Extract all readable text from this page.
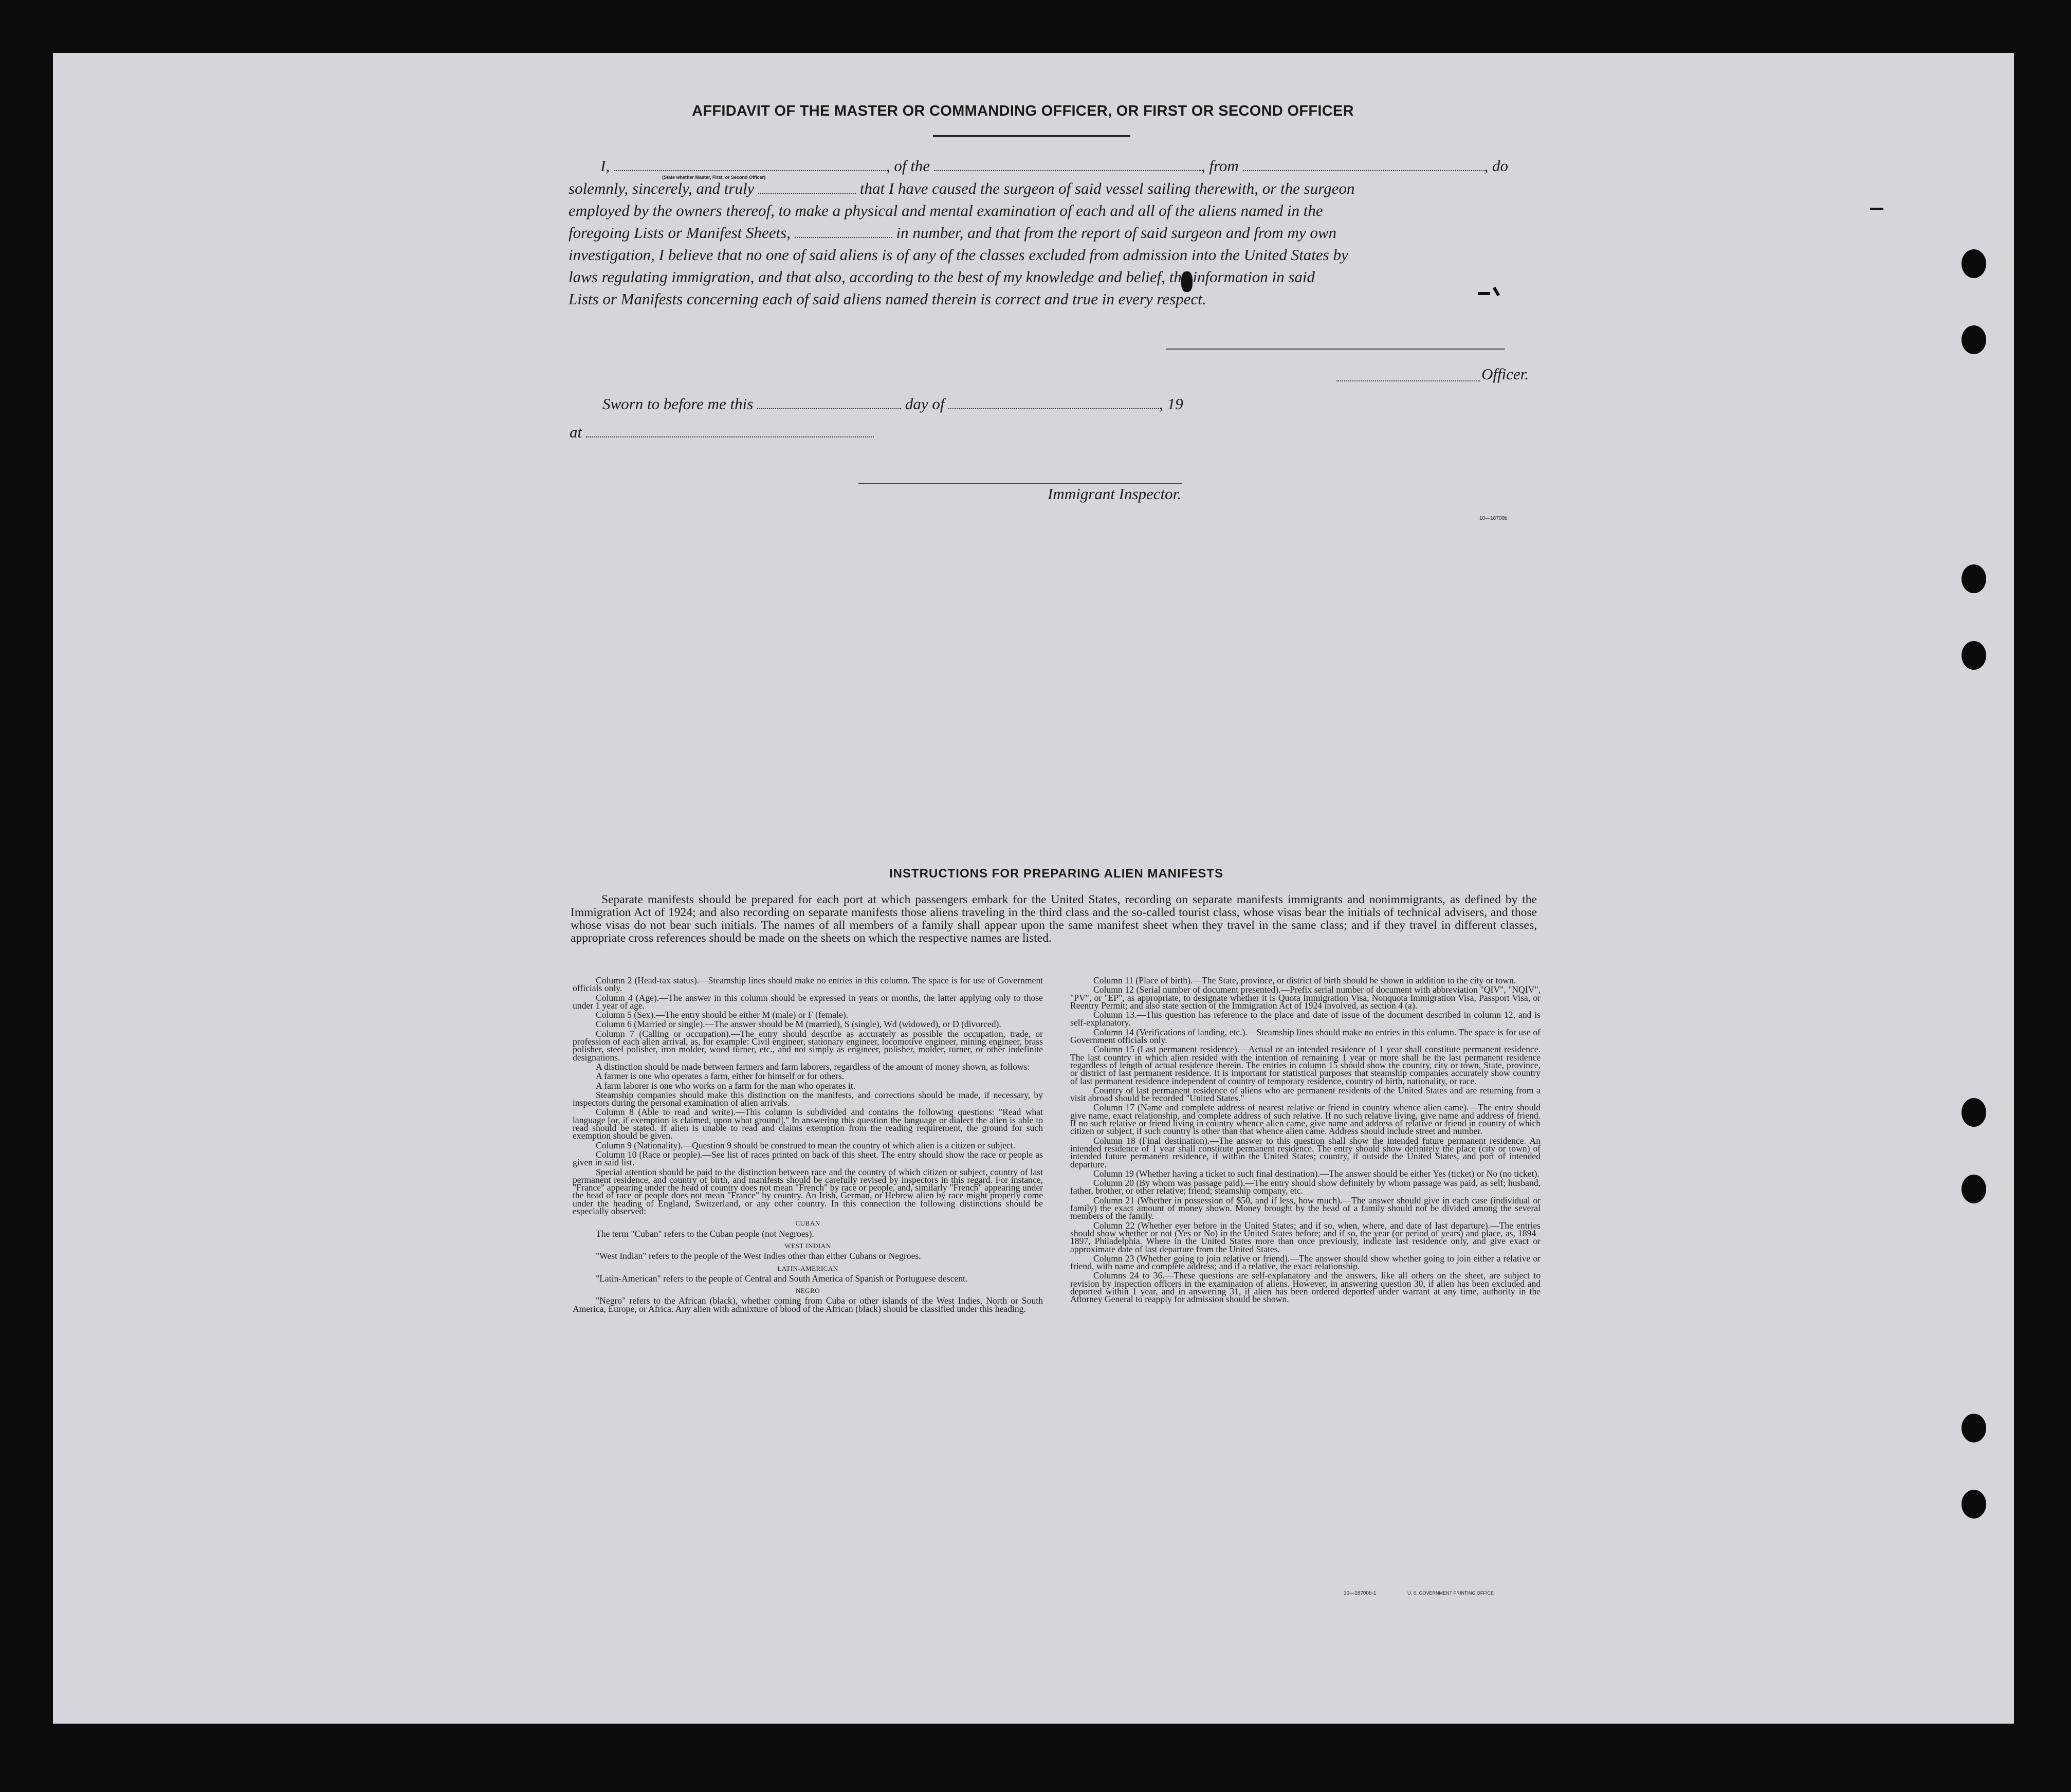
AFFIDAVIT OF THE MASTER OR COMMANDING OFFICER, OR FIRST OR SECOND OFFICER
I,	, of the	, from	, do
(State whether Master, First, or Second Officer)
solemnly, sincerely, and truly	that I have caused the surgeon of said vessel sailing therewith, or the surgeon
employed by the owners thereof, to make a physical and mental examination of each and all of the aliens named in the
foregoing Lists or Manifest Sheets,	in number, and that from the report of said surgeon and from my own
investigation, I believe that no one of said aliens is of any of the classes excluded from admission into the United States by
laws regulating immigration, and that also, according to the best of my knowledge and belief, the information in said
Lists or Manifests concerning each of said aliens named therein is correct and true in every respect.
Officer.
Sworn to before me this	day of	, 19
at
Immigrant Inspector.
10—18700b
INSTRUCTIONS FOR PREPARING ALIEN MANIFESTS
Separate manifests should be prepared for each port at which passengers embark for the United States, recording on separate manifests immigrants and nonimmigrants, as defined by the Immigration Act of 1924; and also recording on separate manifests those aliens traveling in the third class and the so-called tourist class, whose visas bear the initials of technical advisers, and those whose visas do not bear such initials. The names of all members of a family shall appear upon the same manifest sheet when they travel in the same class; and if they travel in different classes, appropriate cross references should be made on the sheets on which the respective names are listed.

Column 2 (Head-tax status).—Steamship lines should make no entries in this column. The space is for use of Government officials only.

Column 4 (Age).—The answer in this column should be expressed in years or months, the latter applying only to those under 1 year of age.

Column 5 (Sex).—The entry should be either M (male) or F (female).

Column 6 (Married or single).—The answer should be M (married), S (single), Wd (widowed), or D (divorced).

Column 7 (Calling or occupation).—The entry should describe as accurately as possible the occupation, trade, or profession of each alien arrival, as, for example: Civil engineer, stationary engineer, locomotive engineer, mining engineer, brass polisher, steel polisher, iron molder, wood turner, etc., and not simply as engineer, polisher, molder, turner, or other indefinite designations.

A distinction should be made between farmers and farm laborers, regardless of the amount of money shown, as follows:

A farmer is one who operates a farm, either for himself or for others.

A farm laborer is one who works on a farm for the man who operates it.

Steamship companies should make this distinction on the manifests, and corrections should be made, if necessary, by inspectors during the personal examination of alien arrivals.

Column 8 (Able to read and write).—This column is subdivided and contains the following questions: "Read what language [or, if exemption is claimed, upon what ground]." In answering this question the language or dialect the alien is able to read should be stated. If alien is unable to read and claims exemption from the reading requirement, the ground for such exemption should be given.

Column 9 (Nationality).—Question 9 should be construed to mean the country of which alien is a citizen or subject.

Column 10 (Race or people).—See list of races printed on back of this sheet. The entry should show the race or people as given in said list.

Special attention should be paid to the distinction between race and the country of which citizen or subject, country of last permanent residence, and country of birth, and manifests should be carefully revised by inspectors in this regard. For instance, "France" appearing under the head of country does not mean "French" by race or people, and, similarly "French" appearing under the head of race or people does not mean "France" by country. An Irish, German, or Hebrew alien by race might properly come under the heading of England, Switzerland, or any other country. In this connection the following distinctions should be especially observed:

CUBAN

The term "Cuban" refers to the Cuban people (not Negroes).

WEST INDIAN

"West Indian" refers to the people of the West Indies other than either Cubans or Negroes.

LATIN-AMERICAN

"Latin-American" refers to the people of Central and South America of Spanish or Portuguese descent.

NEGRO

"Negro" refers to the African (black), whether coming from Cuba or other islands of the West Indies, North or South America, Europe, or Africa. Any alien with admixture of blood of the African (black) should be classified under this heading.

Column 11 (Place of birth).—The State, province, or district of birth should be shown in addition to the city or town.

Column 12 (Serial number of document presented).—Prefix serial number of document with abbreviation "QIV", "NQIV", "PV", or "EP", as appropriate, to designate whether it is Quota Immigration Visa, Nonquota Immigration Visa, Passport Visa, or Reentry Permit; and also state section of the Immigration Act of 1924 involved, as section 4 (a).

Column 13.—This question has reference to the place and date of issue of the document described in column 12, and is self-explanatory.

Column 14 (Verifications of landing, etc.).—Steamship lines should make no entries in this column. The space is for use of Government officials only.

Column 15 (Last permanent residence).—Actual or an intended residence of 1 year shall constitute permanent residence. The last country in which alien resided with the intention of remaining 1 year or more shall be the last permanent residence regardless of length of actual residence therein. The entries in column 15 should show the country, city or town, State, province, or district of last permanent residence. It is important for statistical purposes that steamship companies accurately show country of last permanent residence independent of country of temporary residence, country of birth, nationality, or race.

Country of last permanent residence of aliens who are permanent residents of the United States and are returning from a visit abroad should be recorded "United States."

Column 17 (Name and complete address of nearest relative or friend in country whence alien came).—The entry should give name, exact relationship, and complete address of such relative. If no such relative living, give name and address of friend. If no such relative or friend living in country whence alien came, give name and address of relative or friend in country of which citizen or subject, if such country is other than that whence alien came. Address should include street and number.

Column 18 (Final destination).—The answer to this question shall show the intended future permanent residence. An intended residence of 1 year shall constitute permanent residence. The entry should show definitely the place (city or town) of intended future permanent residence, if within the United States; country, if outside the United States, and port of intended departure.

Column 19 (Whether having a ticket to such final destination).—The answer should be either Yes (ticket) or No (no ticket).

Column 20 (By whom was passage paid).—The entry should show definitely by whom passage was paid, as self; husband, father, brother, or other relative; friend; steamship company, etc.

Column 21 (Whether in possession of $50, and if less, how much).—The answer should give in each case (individual or family) the exact amount of money shown. Money brought by the head of a family should not be divided among the several members of the family.

Column 22 (Whether ever before in the United States; and if so, when, where, and date of last departure).—The entries should show whether or not (Yes or No) in the United States before; and if so, the year (or period of years) and place, as, 1894–1897, Philadelphia. Where in the United States more than once previously, indicate last residence only, and give exact or approximate date of last departure from the United States.

Column 23 (Whether going to join relative or friend).—The answer should show whether going to join either a relative or friend, with name and complete address; and if a relative, the exact relationship.

Columns 24 to 36.—These questions are self-explanatory and the answers, like all others on the sheet, are subject to revision by inspection officers in the examination of aliens. However, in answering question 30, if alien has been excluded and deported within 1 year, and in answering 31, if alien has been ordered deported under warrant at any time, authority in the Attorney General to reapply for admission should be shown.

10—18700b-1	U. S. GOVERNMENT PRINTING OFFICE
